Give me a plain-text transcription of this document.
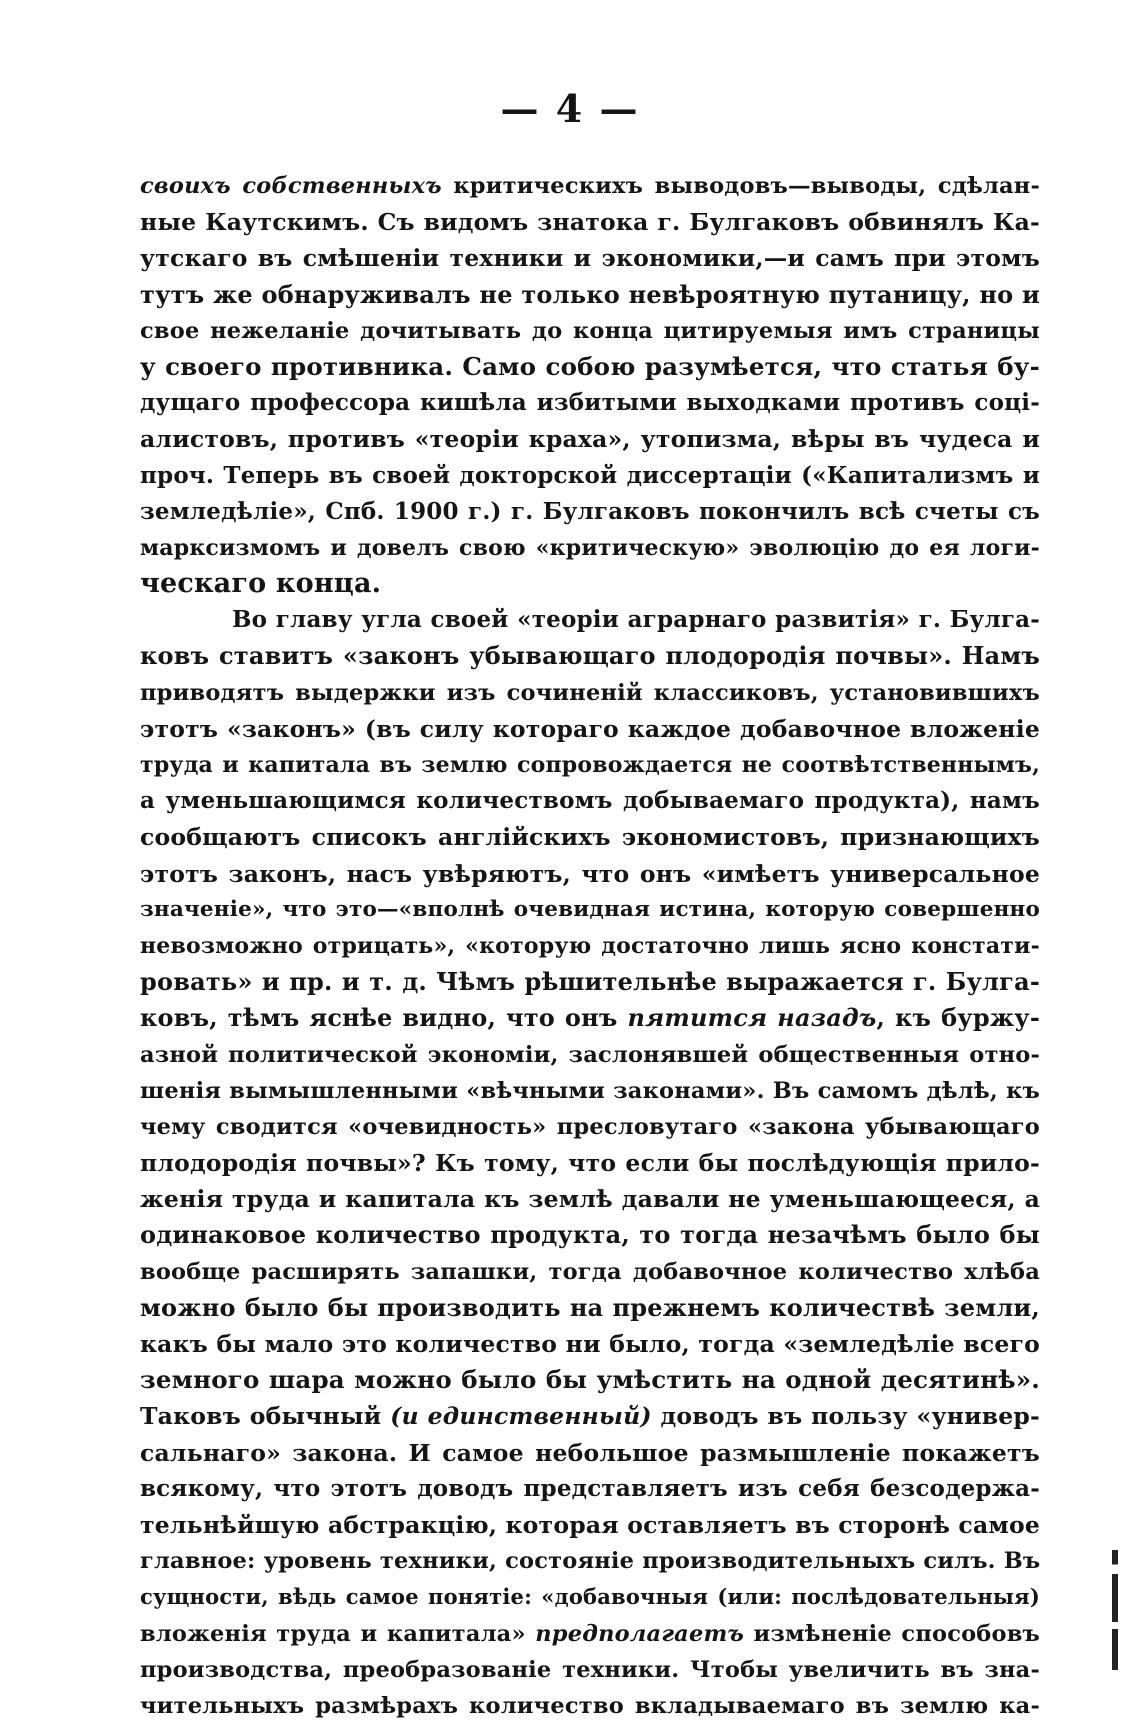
— 4 —
своихъ собственныхъ критическихъ выводовъ—выводы, сдѣлан-
ные Каутскимъ. Съ видомъ знатока г. Булгаковъ обвинялъ Ка-
утскаго въ смѣшеніи техники и экономики,—и самъ при этомъ
тутъ же обнаруживалъ не только невѣроятную путаницу, но и
свое нежеланіе дочитывать до конца цитируемыя имъ страницы
у своего противника. Само собою разумѣется, что статья бу-
дущаго профессора кишѣла избитыми выходками противъ соці-
алистовъ, противъ «теоріи краха», утопизма, вѣры въ чудеса и
проч. Теперь въ своей докторской диссертаціи («Капитализмъ и
земледѣліе», Спб. 1900 г.) г. Булгаковъ покончилъ всѣ счеты съ
марксизмомъ и довелъ свою «критическую» эволюцію до ея логи-
ческаго конца.
Во главу угла своей «теоріи аграрнаго развитія» г. Булга-
ковъ ставитъ «законъ убывающаго плодородія почвы». Намъ
приводятъ выдержки изъ сочиненій классиковъ, установившихъ
этотъ «законъ» (въ силу котораго каждое добавочное вложеніе
труда и капитала въ землю сопровождается не соотвѣтственнымъ,
а уменьшающимся количествомъ добываемаго продукта), намъ
сообщаютъ списокъ англійскихъ экономистовъ, признающихъ
этотъ законъ, насъ увѣряютъ, что онъ «имѣетъ универсальное
значеніе», что это—«вполнѣ очевидная истина, которую совершенно
невозможно отрицать», «которую достаточно лишь ясно констати-
ровать» и пр. и т. д. Чѣмъ рѣшительнѣе выражается г. Булга-
ковъ, тѣмъ яснѣе видно, что онъ пятится назадъ, къ буржу-
азной политической экономіи, заслонявшей общественныя отно-
шенія вымышленными «вѣчными законами». Въ самомъ дѣлѣ, къ
чему сводится «очевидность» пресловутаго «закона убывающаго
плодородія почвы»? Къ тому, что если бы послѣдующія прило-
женія труда и капитала къ землѣ давали не уменьшающееся, а
одинаковое количество продукта, то тогда незачѣмъ было бы
вообще расширять запашки, тогда добавочное количество хлѣба
можно было бы производить на прежнемъ количествѣ земли,
какъ бы мало это количество ни было, тогда «земледѣліе всего
земного шара можно было бы умѣстить на одной десятинѣ».
Таковъ обычный (и единственный) доводъ въ пользу «универ-
сальнаго» закона. И самое небольшое размышленіе покажетъ
всякому, что этотъ доводъ представляетъ изъ себя безсодержа-
тельнѣйшую абстракцію, которая оставляетъ въ сторонѣ самое
главное: уровень техники, состояніе производительныхъ силъ. Въ
сущности, вѣдь самое понятіе: «добавочныя (или: послѣдовательныя)
вложенія труда и капитала» предполагаетъ измѣненіе способовъ
производства, преобразованіе техники. Чтобы увеличить въ зна-
чительныхъ размѣрахъ количество вкладываемаго въ землю ка-
